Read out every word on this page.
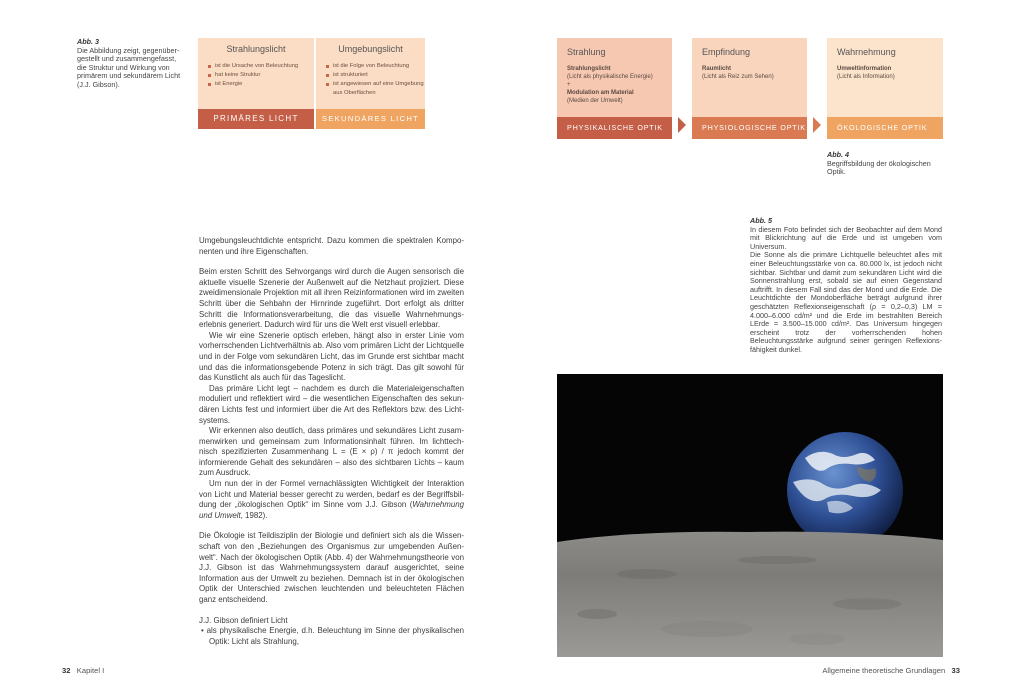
Abb. 3
Die Abbildung zeigt, gegenübergestellt und zusammengefasst, die Struktur und Wirkung von primärem und sekundärem Licht (J.J. Gibson).
Strahlungslicht
ist die Ursache von Beleuchtung
hat keine Struktur
ist Energie
PRIMÄRES LICHT
Umgebungslicht
ist die Folge von Beleuchtung
ist strukturiert
ist angewiesen auf eine Umgebung aus Oberflächen
SEKUNDÄRES LICHT
Strahlung
Strahlungslicht
(Licht als physikalische Energie)
+
Modulation am Material
(Medien der Umwelt)
PHYSIKALISCHE OPTIK
Empfindung
Raumlicht
(Licht als Reiz zum Sehen)
PHYSIOLOGISCHE OPTIK
Wahrnehmung
Umweltinformation
(Licht als Information)
ÖKOLOGISCHE OPTIK
Abb. 4
Begriffsbildung der ökologischen Optik.
Abb. 5
In diesem Foto befindet sich der Beobachter auf dem Mond mit Blickrichtung auf die Erde und ist umgeben vom Universum.
Die Sonne als die primäre Lichtquelle beleuchtet alles mit einer Beleuchtungsstärke von ca. 80.000 lx, ist jedoch nicht sichtbar. Sichtbar und damit zum sekundären Licht wird die Sonnenstrahlung erst, sobald sie auf einen Gegenstand auftrifft. In diesem Fall sind das der Mond und die Erde. Die Leuchtdichte der Mondoberfläche beträgt aufgrund ihrer geschätzten Reflexionseigenschaft (ρ = 0,2–0,3) LM = 4.000–6.000 cd/m² und die Erde im bestrahlten Bereich LErde = 3.500–15.000 cd/m². Das Universum hingegen erscheint trotz der vorherrschenden hohen Beleuchtungsstärke aufgrund seiner geringen Reflexionsfähigkeit dunkel.

Umgebungsleuchtdichte entspricht. Dazu kommen die spektralen Komponenten und ihre Eigenschaften.

Beim ersten Schritt des Sehvorgangs wird durch die Augen sensorisch die aktuelle visuelle Szenerie der Außenwelt auf die Netzhaut projiziert. Diese zweidimensionale Projektion mit all ihren Reizinformationen wird im zweiten Schritt über die Sehbahn der Hirnrinde zugeführt. Dort erfolgt als dritter Schritt die Informationsverarbeitung, die das visuelle Wahrnehmungserlebnis generiert. Dadurch wird für uns die Welt erst visuell erlebbar.

Wie wir eine Szenerie optisch erleben, hängt also in erster Linie vom vorherrschenden Lichtverhältnis ab. Also vom primären Licht der Lichtquelle und in der Folge vom sekundären Licht, das im Grunde erst sichtbar macht und das die informationsgebende Potenz in sich trägt. Das gilt sowohl für das Kunstlicht als auch für das Tageslicht.

Das primäre Licht legt – nachdem es durch die Materialeigenschaften moduliert und reflektiert wird – die wesentlichen Eigenschaften des sekundären Lichts fest und informiert über die Art des Reflektors bzw. des Lichtsystems.

Wir erkennen also deutlich, dass primäres und sekundäres Licht zusammenwirken und gemeinsam zum Informationsinhalt führen. Im lichttechnisch spezifizierten Zusammenhang L = (E × ρ) / π jedoch kommt der informierende Gehalt des sekundären – also des sichtbaren Lichts – kaum zum Ausdruck.

Um nun der in der Formel vernachlässigten Wichtigkeit der Interaktion von Licht und Material besser gerecht zu werden, bedarf es der Begriffsbildung der „ökologischen Optik“ im Sinne vom J.J. Gibson (Wahrnehmung und Umwelt, 1982).

Die Ökologie ist Teildisziplin der Biologie und definiert sich als die Wissenschaft von den „Beziehungen des Organismus zur umgebenden Außenwelt“. Nach der ökologischen Optik (Abb. 4) der Wahrnehmungstheorie von J.J. Gibson ist das Wahrnehmungssystem darauf ausgerichtet, seine Information aus der Umwelt zu beziehen. Demnach ist in der ökologischen Optik der Unterschied zwischen leuchtenden und beleuchteten Flächen ganz entscheidend.

J.J. Gibson definiert Licht

• als physikalische Energie, d.h. Beleuchtung im Sinne der physikalischen Optik: Licht als Strahlung,

32 Kapitel I	Allgemeine theoretische Grundlagen 33
